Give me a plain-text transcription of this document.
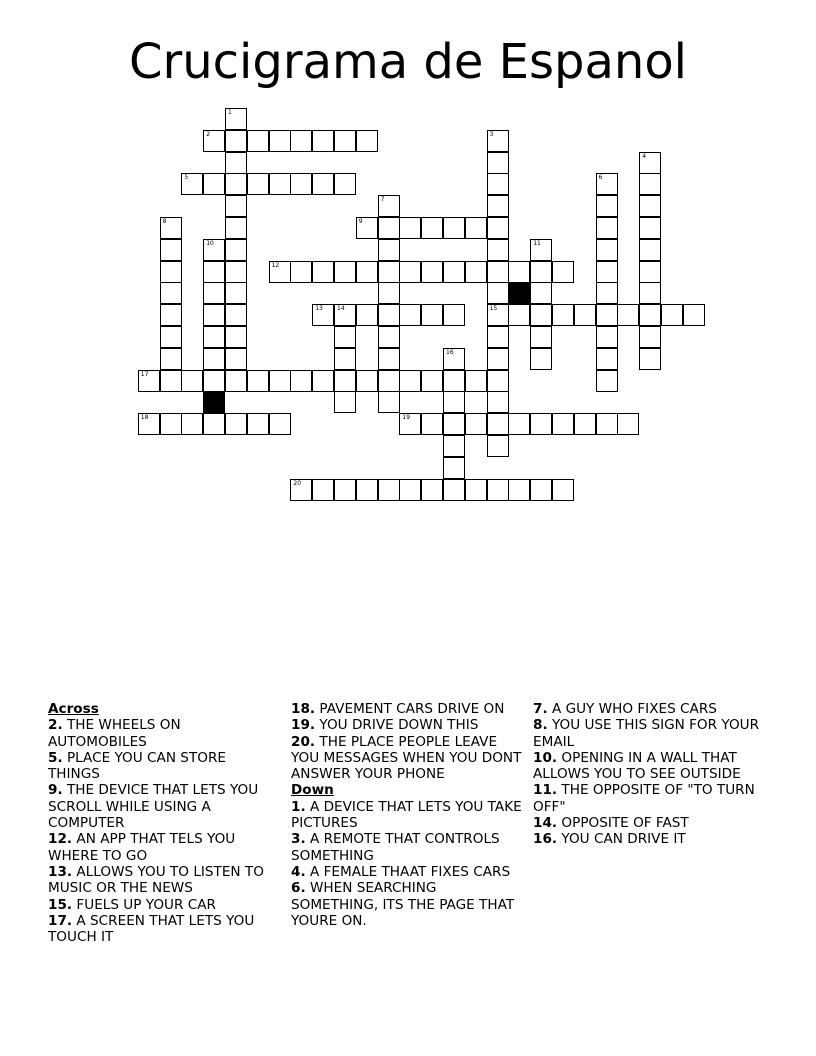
Crucigrama de Espanol
1
2	3
15
4
5	6
7
8	9
10	11
12
13 14
16
17
18	19
20
Across
2. THE WHEELS ON AUTOMOBILES
5. PLACE YOU CAN STORE THINGS
9. THE DEVICE THAT LETS YOU SCROLL WHILE USING A COMPUTER
12. AN APP THAT TELS YOU WHERE TO GO
13. ALLOWS YOU TO LISTEN TO MUSIC OR THE NEWS
15. FUELS UP YOUR CAR
17. A SCREEN THAT LETS YOU TOUCH IT
18. PAVEMENT CARS DRIVE ON
19. YOU DRIVE DOWN THIS
20. THE PLACE PEOPLE LEAVE YOU MESSAGES WHEN YOU DONT ANSWER YOUR PHONE
Down
1. A DEVICE THAT LETS YOU TAKE PICTURES
3. A REMOTE THAT CONTROLS SOMETHING
4. A FEMALE THAAT FIXES CARS
6. WHEN SEARCHING SOMETHING, ITS THE PAGE THAT YOURE ON.
7. A GUY WHO FIXES CARS
8. YOU USE THIS SIGN FOR YOUR EMAIL
10. OPENING IN A WALL THAT ALLOWS YOU TO SEE OUTSIDE
11. THE OPPOSITE OF "TO TURN OFF"
14. OPPOSITE OF FAST
16. YOU CAN DRIVE IT
